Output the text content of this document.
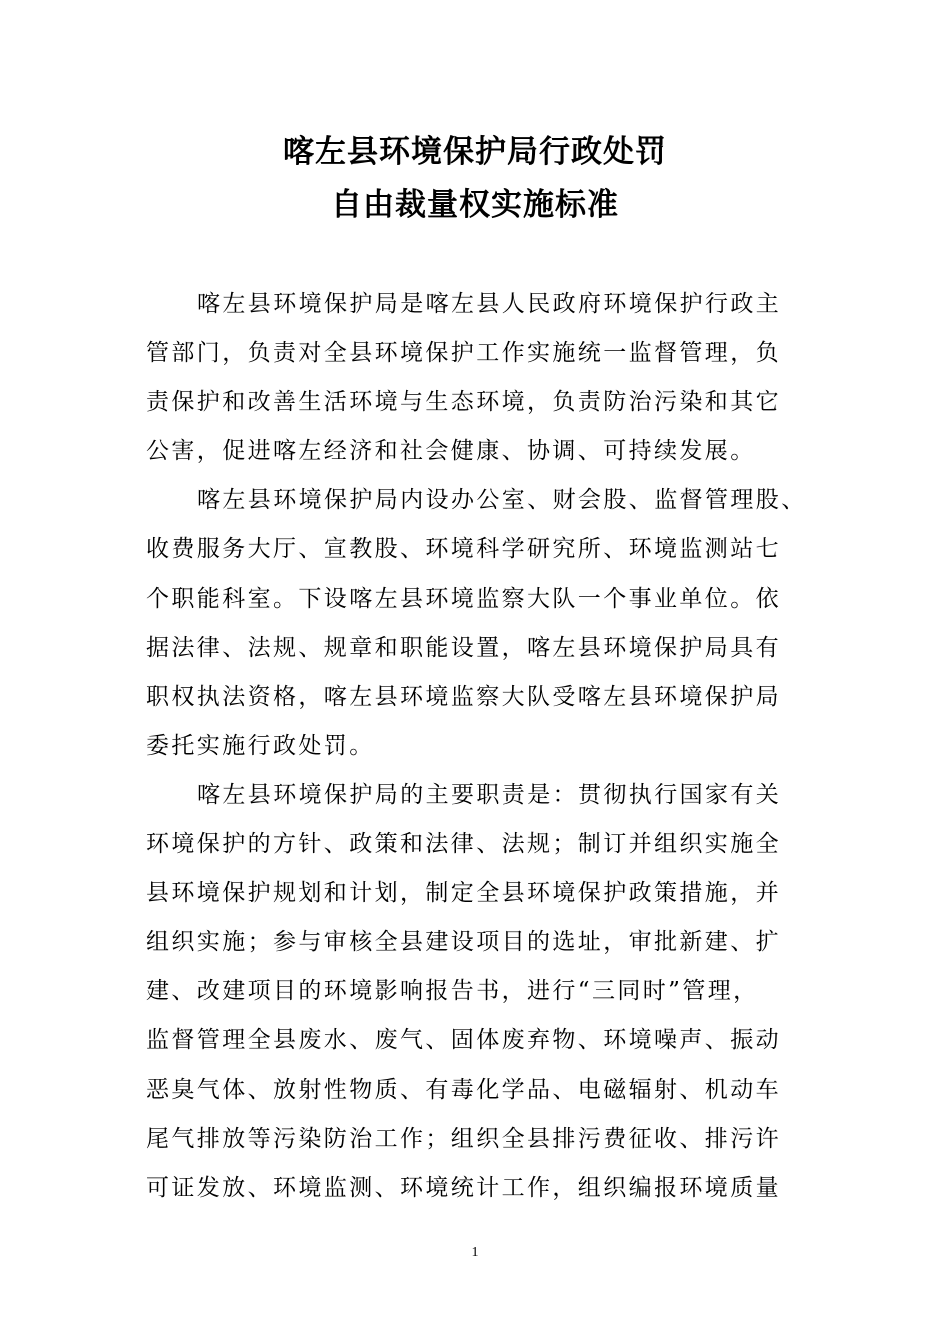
喀左县环境保护局行政处罚
自由裁量权实施标准

喀左县环境保护局是喀左县人民政府环境保护行政主
管部门，负责对全县环境保护工作实施统一监督管理，负
责保护和改善生活环境与生态环境，负责防治污染和其它
公害，促进喀左经济和社会健康、协调、可持续发展。

喀左县环境保护局内设办公室、财会股、监督管理股、
收费服务大厅、宣教股、环境科学研究所、环境监测站七
个职能科室。下设喀左县环境监察大队一个事业单位。依
据法律、法规、规章和职能设置，喀左县环境保护局具有
职权执法资格，喀左县环境监察大队受喀左县环境保护局
委托实施行政处罚。

喀左县环境保护局的主要职责是：贯彻执行国家有关
环境保护的方针、政策和法律、法规；制订并组织实施全
县环境保护规划和计划，制定全县环境保护政策措施，并
组织实施；参与审核全县建设项目的选址，审批新建、扩
建、改建项目的环境影响报告书，进行“三同时”管理，
监督管理全县废水、废气、固体废弃物、环境噪声、振动
恶臭气体、放射性物质、有毒化学品、电磁辐射、机动车
尾气排放等污染防治工作；组织全县排污费征收、排污许
可证发放、环境监测、环境统计工作，组织编报环境质量

1
